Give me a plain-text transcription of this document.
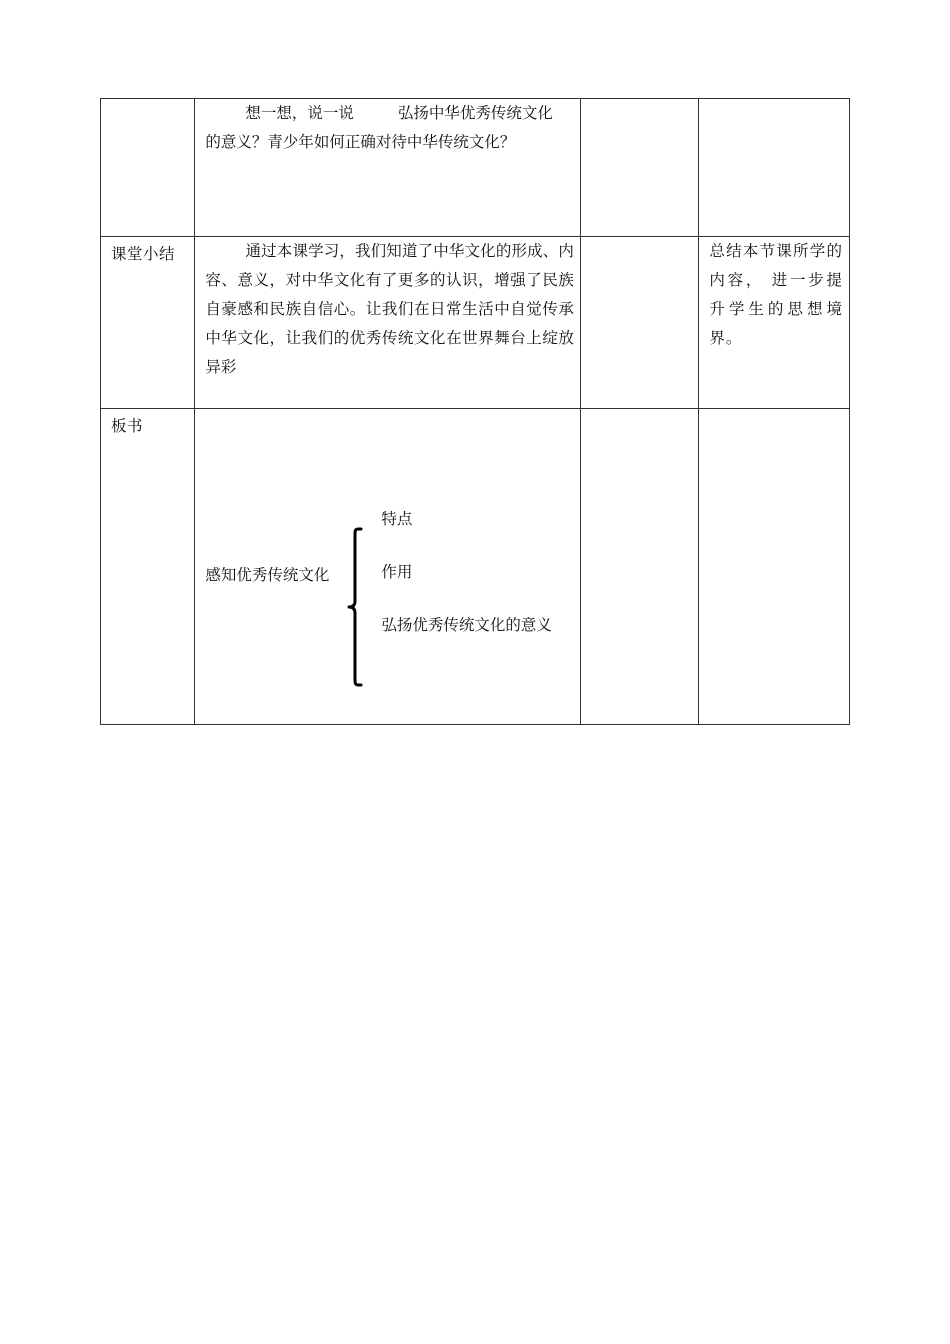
	想一想，说一说 弘扬中华优秀传统文化
的意义？青少年如何正确对待中华传统文化？		

课堂小结	通过本课学习，我们知道了中华文化的形成、内容、意义，对中华文化有了更多的认识，增强了民族自豪感和民族自信心。让我们在日常生活中自觉传承中华文化，让我们的优秀传统文化在世界舞台上绽放异彩		总结本节课所学的内容， 进一步提升学生的思想境界。

板书	感知优秀传统文化
特点
作用
弘扬优秀传统文化的意义		
